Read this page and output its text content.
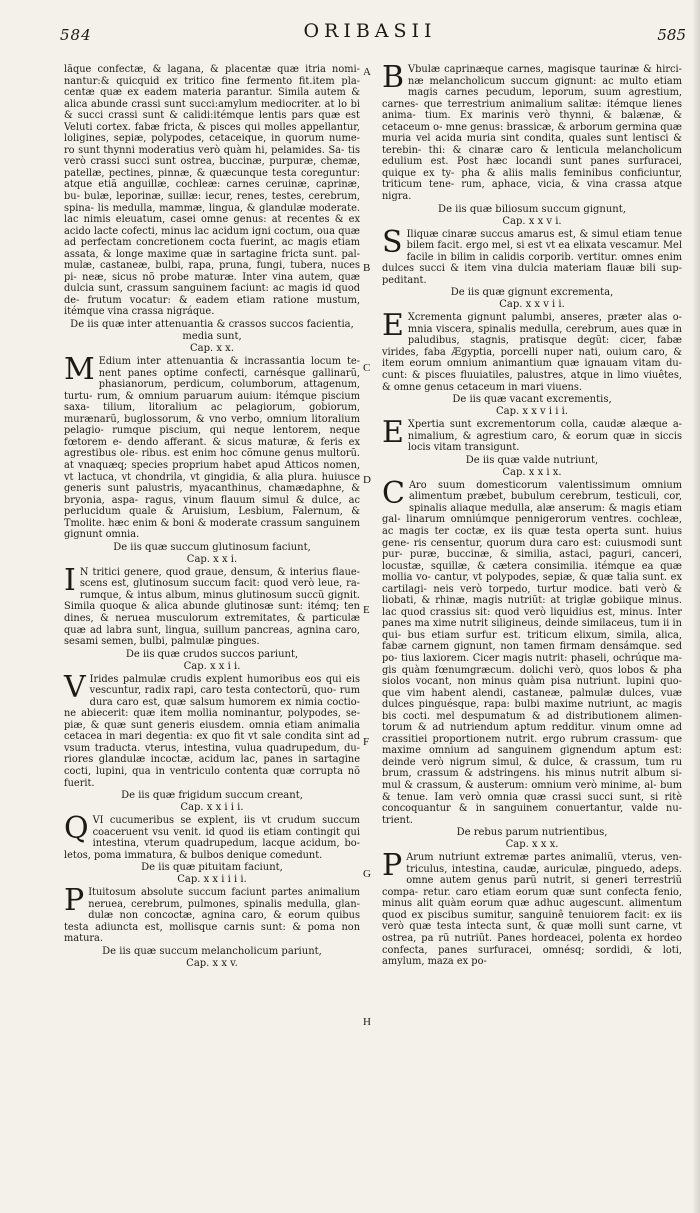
584	ORIBASII	585
A
B
C
D
E
F
G
H

lăque confectæ, & lagana, & placentæ quæ itria nomi- nantur:& quicquid ex tritico fine fermento fit.item pla- centæ quæ ex eadem materia parantur. Simila autem & alica abunde crassi sunt succi:amylum mediocriter. at lo bi & succi crassi sunt & calidi:itémque lentis pars quæ est Veluti cortex. fabæ fricta, & pisces qui molles appellantur, loligines, sepiæ, polypodes, cetaceique, in quorum nume- ro sunt thynni moderatius verò quàm hi, pelamides. Sa- tis verò crassi succi sunt ostrea, buccinæ, purpuræ, chemæ, patellæ, pectines, pinnæ, & quæcunque testa coreguntur: atque etiã anguillæ, cochleæ: carnes ceruinæ, caprinæ, bu- bulæ, leporinæ, suillæ: iecur, renes, testes, cerebrum, spina- lis medulla, mammæ, lingua, & glandulæ moderate. lac nimis eleuatum, casei omne genus: at recentes & ex acido lacte cofecti, minus lac acidum igni coctum, oua quæ ad perfectam concretionem cocta fuerint, ac magis etiam assata, & longe maxime quæ in sartagine fricta sunt. pal- mulæ, castaneæ, bulbi, rapa, pruna, fungi, tubera, nuces pi- neæ, sicus nõ probe maturæ. Inter vina autem, quæ dulcia sunt, crassum sanguinem faciunt: ac magis id quod de- frutum vocatur: & eadem etiam ratione mustum, itémque vina crassa nigráque.

De iis quæ inter attenuantia & crassos succos facientia, media sunt,
Cap. x x.

M Edium inter attenuantia & incrassantia locum te- nent panes optime confecti, carnésque gallinarũ, phasianorum, perdicum, columborum, attagenum, turtu- rum, & omnium paruarum auium: itémque piscium saxa- tilium, litoralium ac pelagiorum, gobiorum, murænarũ, buglossorum, & vno verbo, omnium litoralium pelagio- rumque piscium, qui neque lentorem, neque fœtorem e- dendo afferant. & sicus maturæ, & feris ex agrestibus ole- ribus. est enim hoc cõmune genus multorũ. at vnaquæq; species proprium habet apud Atticos nomen, vt lactuca, vt chondrila, vt gingidia, & alia plura. huiusce generis sunt palustris, myacanthinus, chamædaphne, & bryonia, aspa- ragus, vinum flauum simul & dulce, ac perlucidum quale & Aruisium, Lesbium, Falernum, & Tmolite. hæc enim & boni & moderate crassum sanguinem gignunt omnia.

De iis quæ succum glutinosum faciunt,
Cap. x x i.

I N tritici genere, quod graue, densum, & interius flaue- scens est, glutinosum succum facit: quod verò leue, ra- rumque, & intus album, minus glutinosum succũ gignit. Simila quoque & alica abunde glutinosæ sunt: itémq; ten dines, & neruea musculorum extremitates, & particulæ quæ ad labra sunt, lingua, suillum pancreas, agnina caro, sesami semen, bulbi, palmulæ pingues.

De iis quæ crudos succos pariunt,
Cap. x x i i.

V Irides palmulæ crudis explent humoribus eos qui eis vescuntur, radix rapi, caro testa contectorũ, quo- rum dura caro est, quæ salsum humorem ex nimia coctio- ne abiecerit: quæ item mollia nominantur, polypodes, se- piæ, & quæ sunt generis eiusdem. omnia etiam animalia cetacea in mari degentia: ex quo fit vt sale condita sint ad vsum traducta. vterus, intestina, vulua quadrupedum, du- riores glandulæ incoctæ, acidum lac, panes in sartagine cocti, lupini, qua in ventriculo contenta quæ corrupta nõ fuerit.

De iis quæ frigidum succum creant,
Cap. x x i i i.

QVI cucumeribus se explent, iis vt crudum succum coaceruent vsu venit. id quod iis etiam contingit qui intestina, vterum quadrupedum, lacque acidum, bo- letos, poma immatura, & bulbos denique comedunt.

De iis quæ pituitam faciunt,
Cap. x x i i i i.

P Ituitosum absolute succum faciunt partes animalium neruea, cerebrum, pulmones, spinalis medulla, glan- dulæ non concoctæ, agnina caro, & eorum quibus testa adiuncta est, mollisque carnis sunt: & poma non matura.

De iis quæ succum melancholicum pariunt,
Cap. x x v.

B Vbulæ caprinæque carnes, magisque taurinæ & hirci- næ melancholicum succum gignunt: ac multo etiam magis carnes pecudum, leporum, suum agrestium, carnes- que terrestrium animalium salitæ: itémque lienes anima- tium. Ex marinis verò thynni, & balænæ, & cetaceum o- mne genus: brassicæ, & arborum germina quæ muria vel acida muria sint condita, quales sunt lentisci & terebin- thi: & cinaræ caro & lenticula melancholicum edulium est. Post hæc locandi sunt panes surfuracei, quique ex ty- pha & aliis malis feminibus conficiuntur, triticum tene- rum, aphace, vicia, & vina crassa atque nigra.

De iis quæ biliosum succum gignunt,
Cap. x x v i.

S Iliquæ cinaræ succus amarus est, & simul etiam tenue bilem facit. ergo mel, si est vt ea elixata vescamur. Mel facile in bilim in calidis corporib. vertitur. omnes enim dulces succi & item vina dulcia materiam flauæ bili sup- peditant.

De iis quæ gignunt excrementa,
Cap. x x v i i.

E Xcrementa gignunt palumbi, anseres, præter alas o- mnia viscera, spinalis medulla, cerebrum, aues quæ in paludibus, stagnis, pratisque degũt: cicer, fabæ virides, faba Ægyptia, porcelli nuper nati, ouium caro, & item eorum omnium animantium quæ ignauam vitam du- cunt: & pisces fluuiatiles, palustres, atque in limo viuêtes, & omne genus cetaceum in mari viuens.

De iis quæ vacant excrementis,
Cap. x x v i i i.

E Xpertia sunt excrementorum colla, caudæ alæque a- nimalium, & agrestium caro, & eorum quæ in siccis locis vitam transigunt.

De iis quæ valde nutriunt,
Cap. x x i x.

C Aro suum domesticorum valentissimum omnium alimentum præbet, bubulum cerebrum, testiculi, cor, spinalis aliaque medulla, alæ anserum: & magis etiam gal- linarum omniúmque pennigerorum ventres. cochleæ, ac magis ter coctæ, ex iis quæ testa operta sunt. huius gene- ris censentur, quorum dura caro est: cuiusmodi sunt pur- puræ, buccinæ, & similia, astaci, paguri, canceri, locustæ, squillæ, & cætera consimilia. itémque ea quæ mollia vo- cantur, vt polypodes, sepiæ, & quæ talia sunt. ex cartilagi- neis verò torpedo, turtur modice. bati verò & liobati, & rhinæ, magis nutriũt: at triglæ gobiique minus. lac quod crassius sit: quod verò liquidius est, minus. Inter panes ma xime nutrit siligineus, deinde similaceus, tum ii in qui- bus etiam surfur est. triticum elixum, simila, alica, fabæ carnem gignunt, non tamen firmam densámque. sed po- tius laxiorem. Cicer magis nutrit: phaseli, ochrúque ma- gis quàm fœnumgræcum. dolichi verò, quos lobos & pha siolos vocant, non minus quàm pisa nutriunt. lupini quo- que vim habent alendi, castaneæ, palmulæ dulces, vuæ dulces pinguésque, rapa: bulbi maxime nutriunt, ac magis bis cocti. mel despumatum & ad distributionem alimen- torum & ad nutriendum aptum redditur. vinum omne ad crassitiei proportionem nutrit. ergo rubrum crassum- que maxime omnium ad sanguinem gignendum aptum est: deinde verò nigrum simul, & dulce, & crassum, tum ru brum, crassum & adstringens. his minus nutrit album si- mul & crassum, & austerum: omnium verò minime, al- bum & tenue. Iam verò omnia quæ crassi succi sunt, si ritè concoquantur & in sanguinem conuertantur, valde nu- trient.

De rebus parum nutrientibus,
Cap. x x x.

P Arum nutriunt extremæ partes animaliũ, vterus, ven- triculus, intestina, caudæ, auriculæ, pinguedo, adeps. omne autem genus parũ nutrit, si generi terrestriũ compa- retur. caro etiam eorum quæ sunt confecta fenio, minus alit quàm eorum quæ adhuc augescunt. alimentum quod ex piscibus sumitur, sanguinê tenuiorem facit: ex iis verò quæ testa intecta sunt, & quæ molli sunt carne, vt ostrea, pa rũ nutriũt. Panes hordeacei, polenta ex hordeo confecta, panes surfuracei, omnésq; sordidi, & loti, amylum, maza ex po-
